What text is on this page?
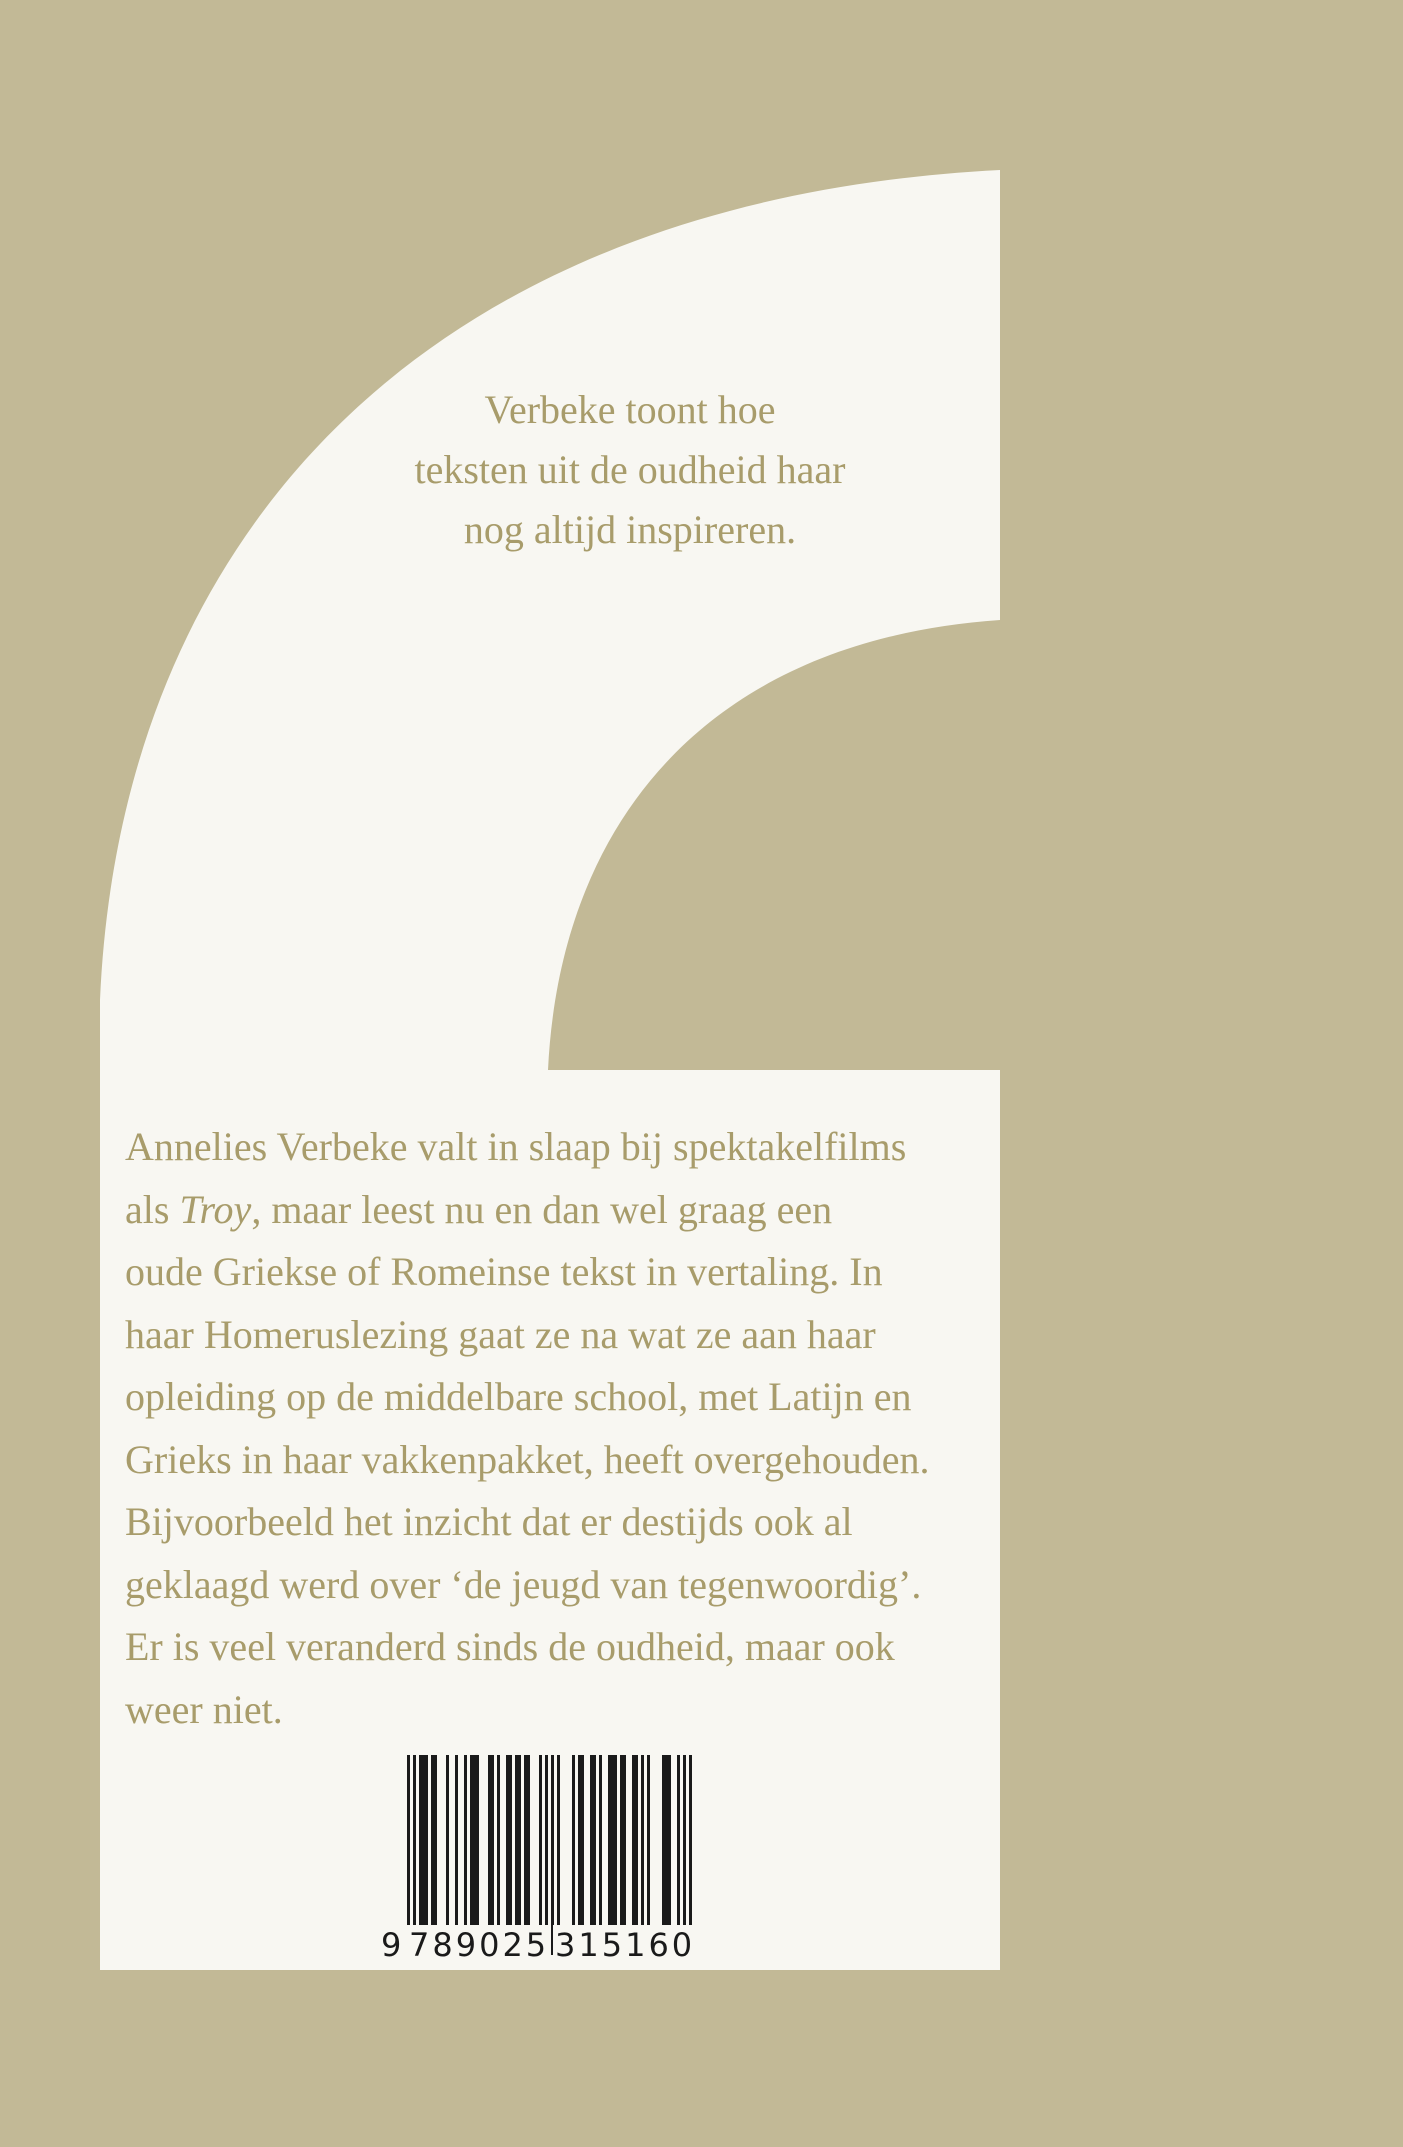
Verbeke toont hoe
teksten uit de oudheid haar
nog altijd inspireren.

Annelies Verbeke valt in slaap bij spektakelfilms
als Troy, maar leest nu en dan wel graag een
oude Griekse of Romeinse tekst in vertaling. In
haar Homeruslezing gaat ze na wat ze aan haar
opleiding op de middelbare school, met Latijn en
Grieks in haar vakkenpakket, heeft overgehouden.
Bijvoorbeeld het inzicht dat er destijds ook al
geklaagd werd over ‘de jeugd van tegenwoordig’.
Er is veel veranderd sinds de oudheid, maar ook
weer niet.

9 789025 315160
